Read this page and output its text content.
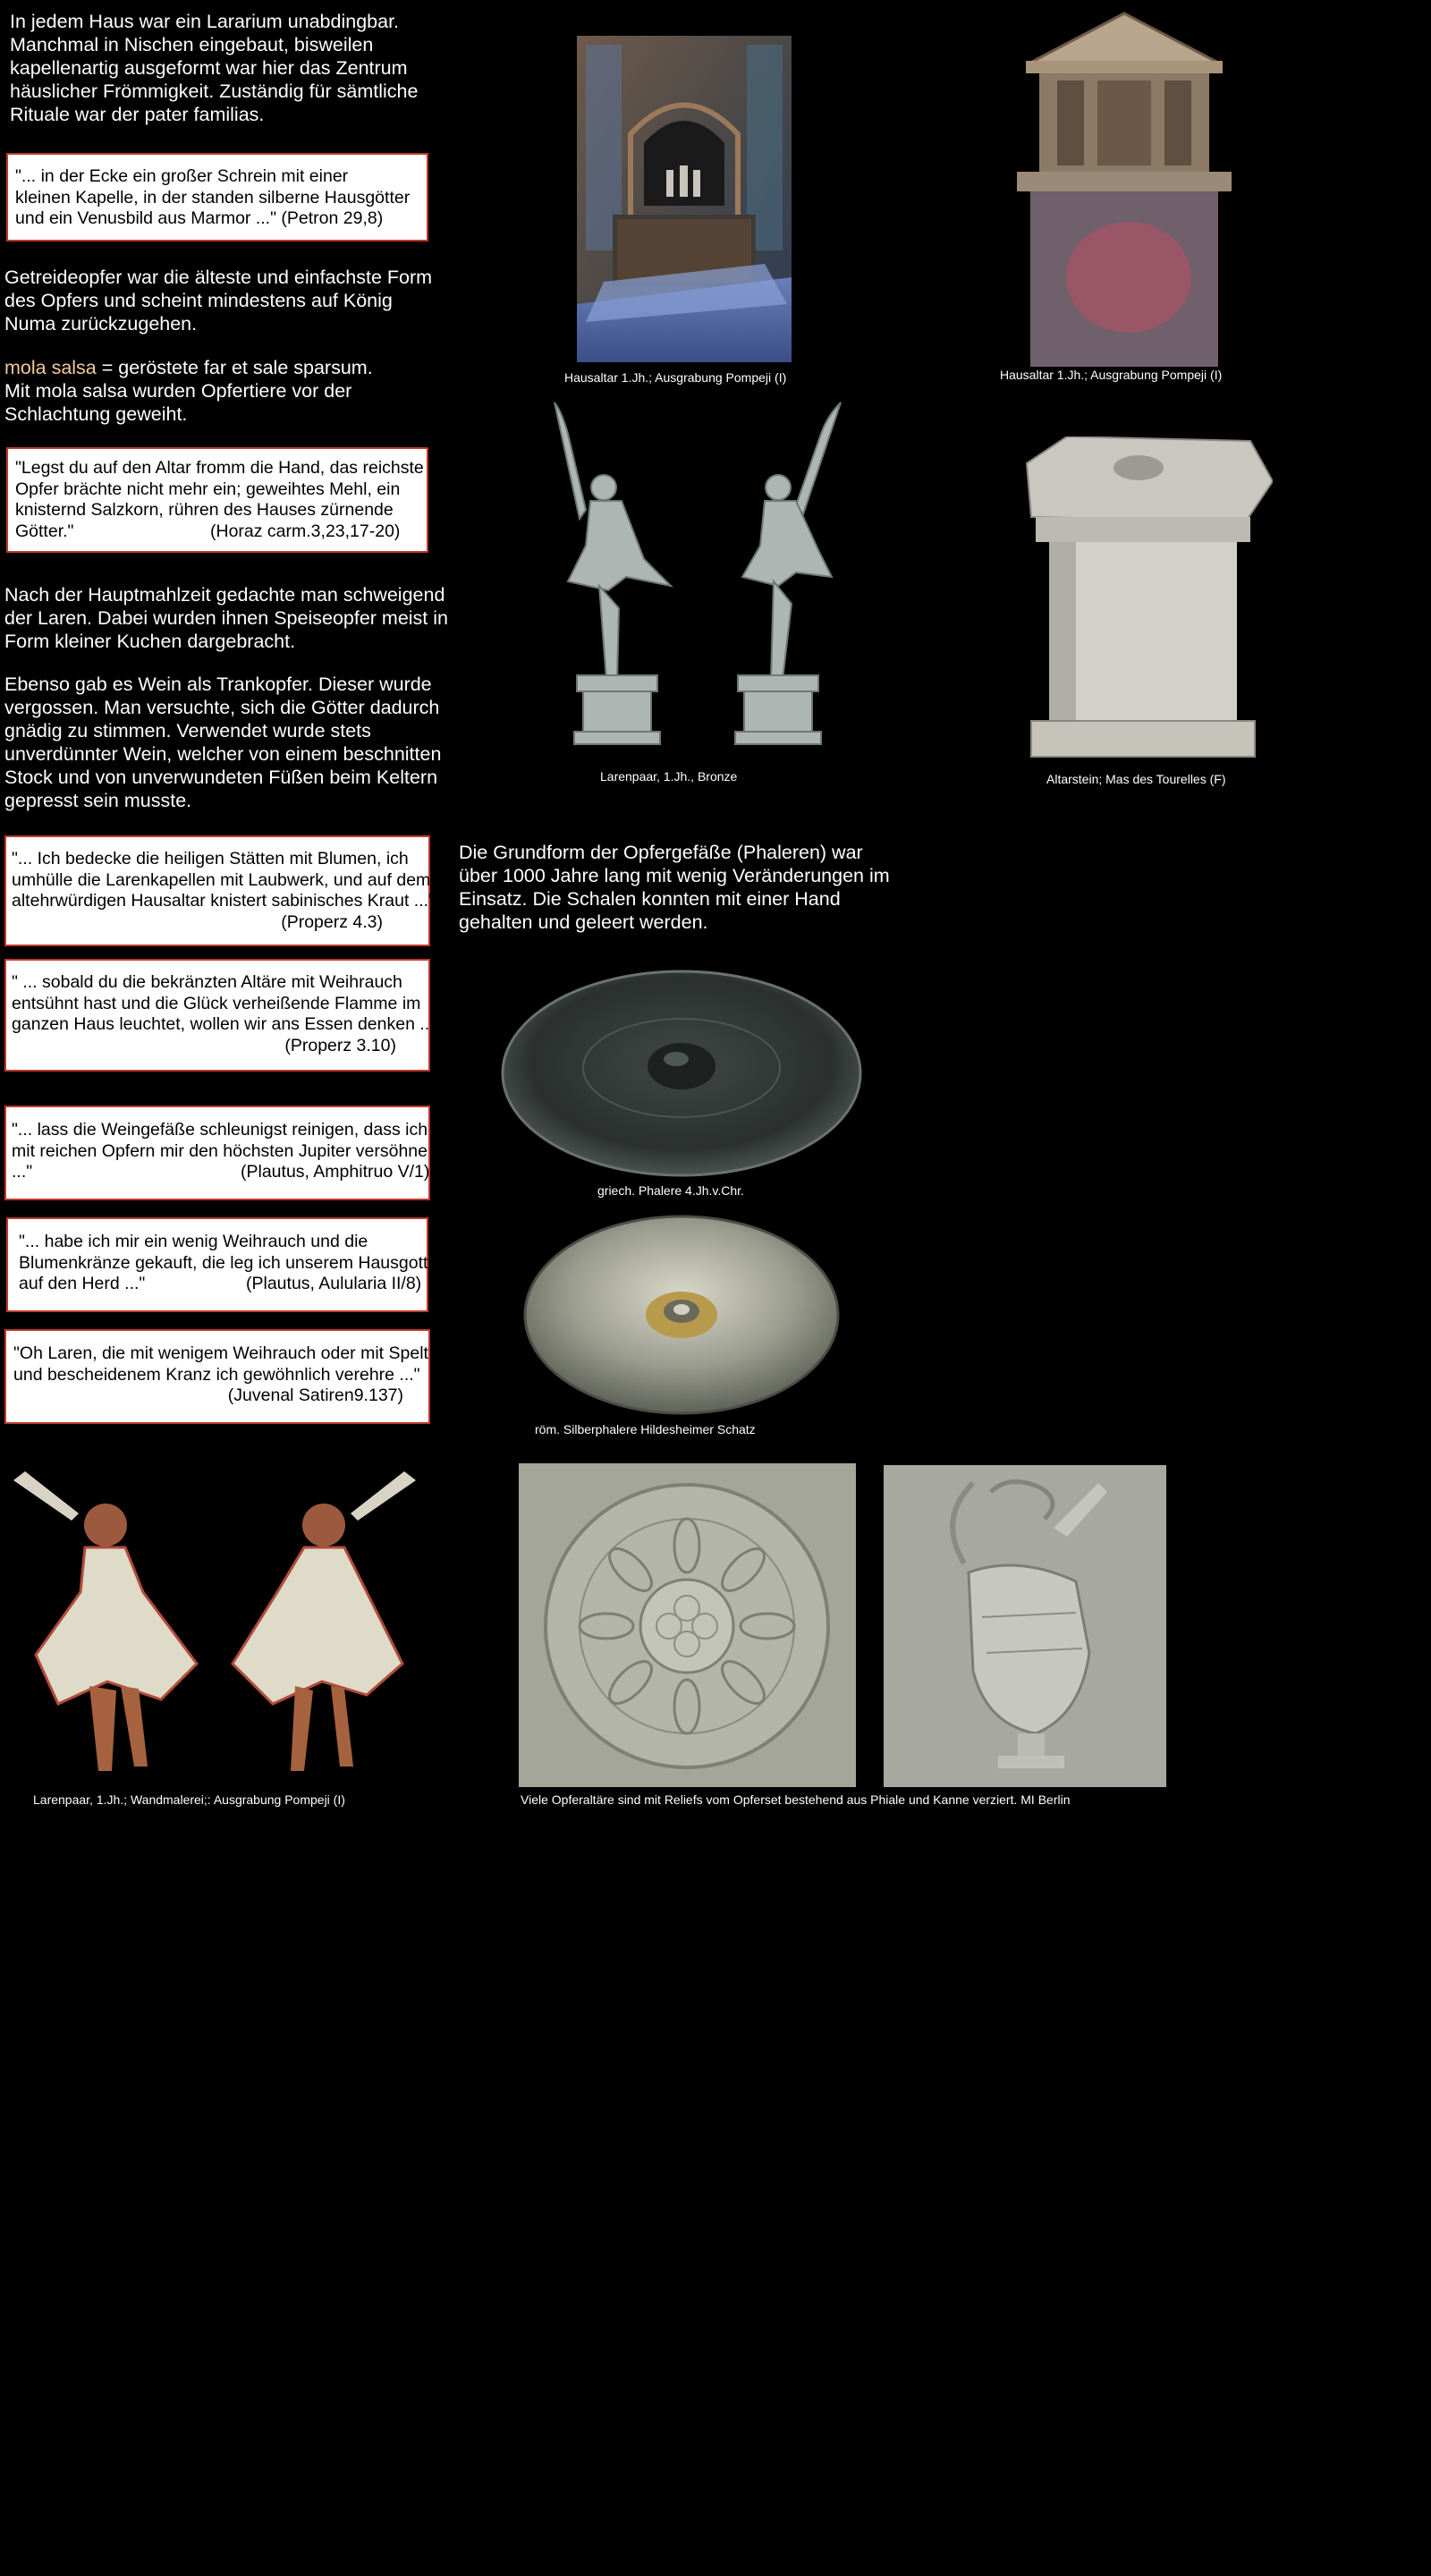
In jedem Haus war ein Lararium unabdingbar.
Manchmal in Nischen eingebaut, bisweilen
kapellenartig ausgeformt war hier das Zentrum
häuslicher Frömmigkeit. Zuständig für sämtliche
Rituale war der pater familias.
"... in der Ecke ein großer Schrein mit einer
kleinen Kapelle, in der standen silberne Hausgötter
und ein Venusbild aus Marmor ..." (Petron 29,8)
Getreideopfer war die älteste und einfachste Form
des Opfers und scheint mindestens auf König
Numa zurückzugehen.
mola salsa = geröstete far et sale sparsum.
Mit mola salsa wurden Opfertiere vor der
Schlachtung geweiht.
"Legst du auf den Altar fromm die Hand, das reichste
Opfer brächte nicht mehr ein; geweihtes Mehl, ein
knisternd Salzkorn, rühren des Hauses zürnende
Götter."	(Horaz carm.3,23,17-20)
Nach der Hauptmahlzeit gedachte man schweigend
der Laren. Dabei wurden ihnen Speiseopfer meist in
Form kleiner Kuchen dargebracht.
Ebenso gab es Wein als Trankopfer. Dieser wurde
vergossen. Man versuchte, sich die Götter dadurch
gnädig zu stimmen. Verwendet wurde stets
unverdünnter Wein, welcher von einem beschnitten
Stock und von unverwundeten Füßen beim Keltern
gepresst sein musste.
"... Ich bedecke die heiligen Stätten mit Blumen, ich
umhülle die Larenkapellen mit Laubwerk, und auf dem
altehrwürdigen Hausaltar knistert sabinisches Kraut ..."
(Properz 4.3)
" ... sobald du die bekränzten Altäre mit Weihrauch
entsühnt hast und die Glück verheißende Flamme im
ganzen Haus leuchtet, wollen wir ans Essen denken ..."
(Properz 3.10)
"... lass die Weingefäße schleunigst reinigen, dass ich
mit reichen Opfern mir den höchsten Jupiter versöhne
..."	(Plautus, Amphitruo V/1)
"... habe ich mir ein wenig Weihrauch und die
Blumenkränze gekauft, die leg ich unserem Hausgott
auf den Herd ..."	(Plautus, Aulularia II/8)
"Oh Laren, die mit wenigem Weihrauch oder mit Spelt
und bescheidenem Kranz ich gewöhnlich verehre ..."
(Juvenal Satiren9.137)
Die Grundform der Opfergefäße (Phaleren) war
über 1000 Jahre lang mit wenig Veränderungen im
Einsatz. Die Schalen konnten mit einer Hand
gehalten und geleert werden.
Hausaltar 1.Jh.; Ausgrabung Pompeji (I)	Hausaltar 1.Jh.; Ausgrabung Pompeji (I)
Larenpaar, 1.Jh., Bronze	Altarstein; Mas des Tourelles (F)
griech. Phalere 4.Jh.v.Chr.
röm. Silberphalere Hildesheimer Schatz
Larenpaar, 1.Jh.; Wandmalerei;: Ausgrabung Pompeji (I)	Viele Opferaltäre sind mit Reliefs vom Opferset bestehend aus Phiale und Kanne verziert. MI Berlin
